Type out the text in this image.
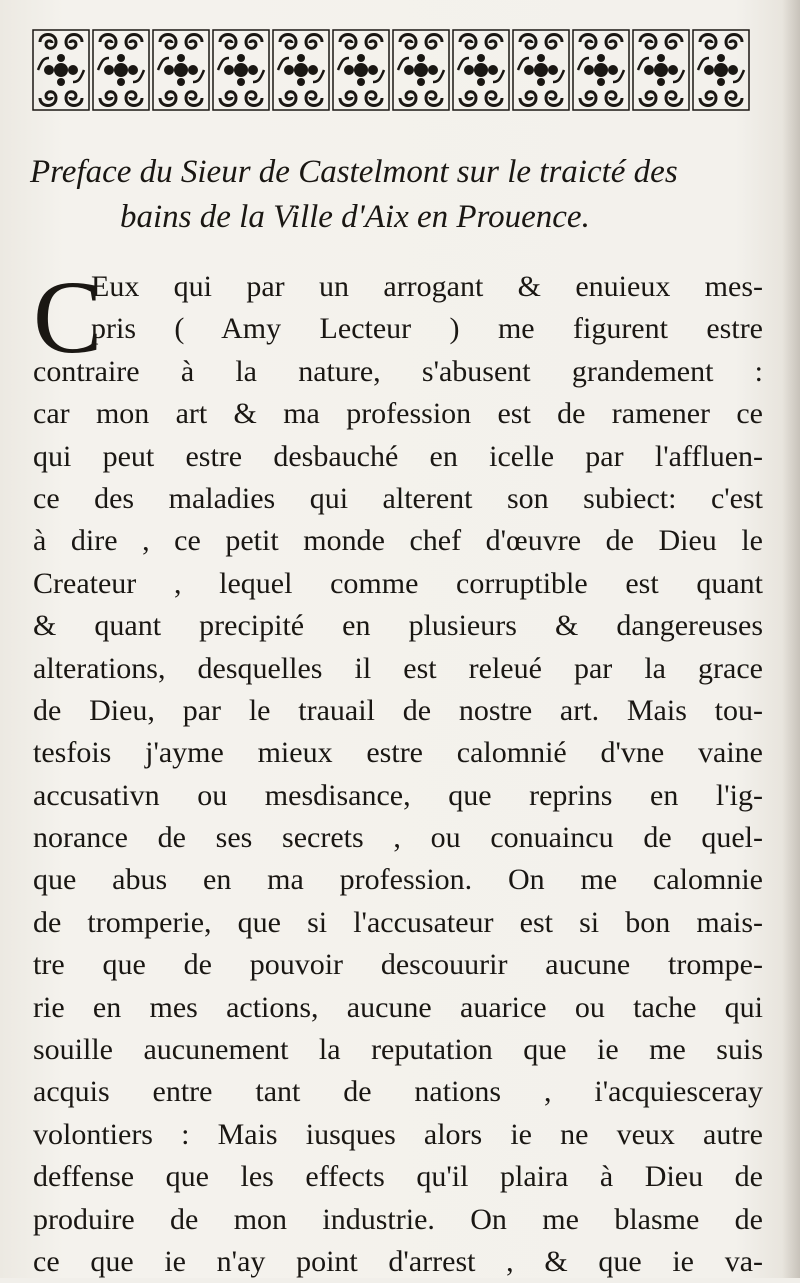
Preface du Sieur de Castelmont sur le traicté des
bains de la Ville d'Aix en Prouence.
C
Eux qui par un arrogant & enuieux mes-
pris ( Amy Lecteur ) me figurent estre
contraire à la nature, s'abusent grandement :
car mon art & ma profession est de ramener ce
qui peut estre desbauché en icelle par l'affluen-
ce des maladies qui alterent son subiect: c'est
à dire , ce petit monde chef d'œuvre de Dieu le
Createur , lequel comme corruptible est quant
& quant precipité en plusieurs & dangereuses
alterations, desquelles il est releué par la grace
de Dieu, par le trauail de nostre art. Mais tou-
tesfois j'ayme mieux estre calomnié d'vne vaine
accusativn ou mesdisance, que reprins en l'ig-
norance de ses secrets , ou conuaincu de quel-
que abus en ma profession. On me calomnie
de tromperie, que si l'accusateur est si bon mais-
tre que de pouvoir descouurir aucune trompe-
rie en mes actions, aucune auarice ou tache qui
souille aucunement la reputation que ie me suis
acquis entre tant de nations , i'acquiesceray
volontiers : Mais iusques alors ie ne veux autre
deffense que les effects qu'il plaira à Dieu de
produire de mon industrie. On me blasme de
ce que ie n'ay point d'arrest , & que ie va-
